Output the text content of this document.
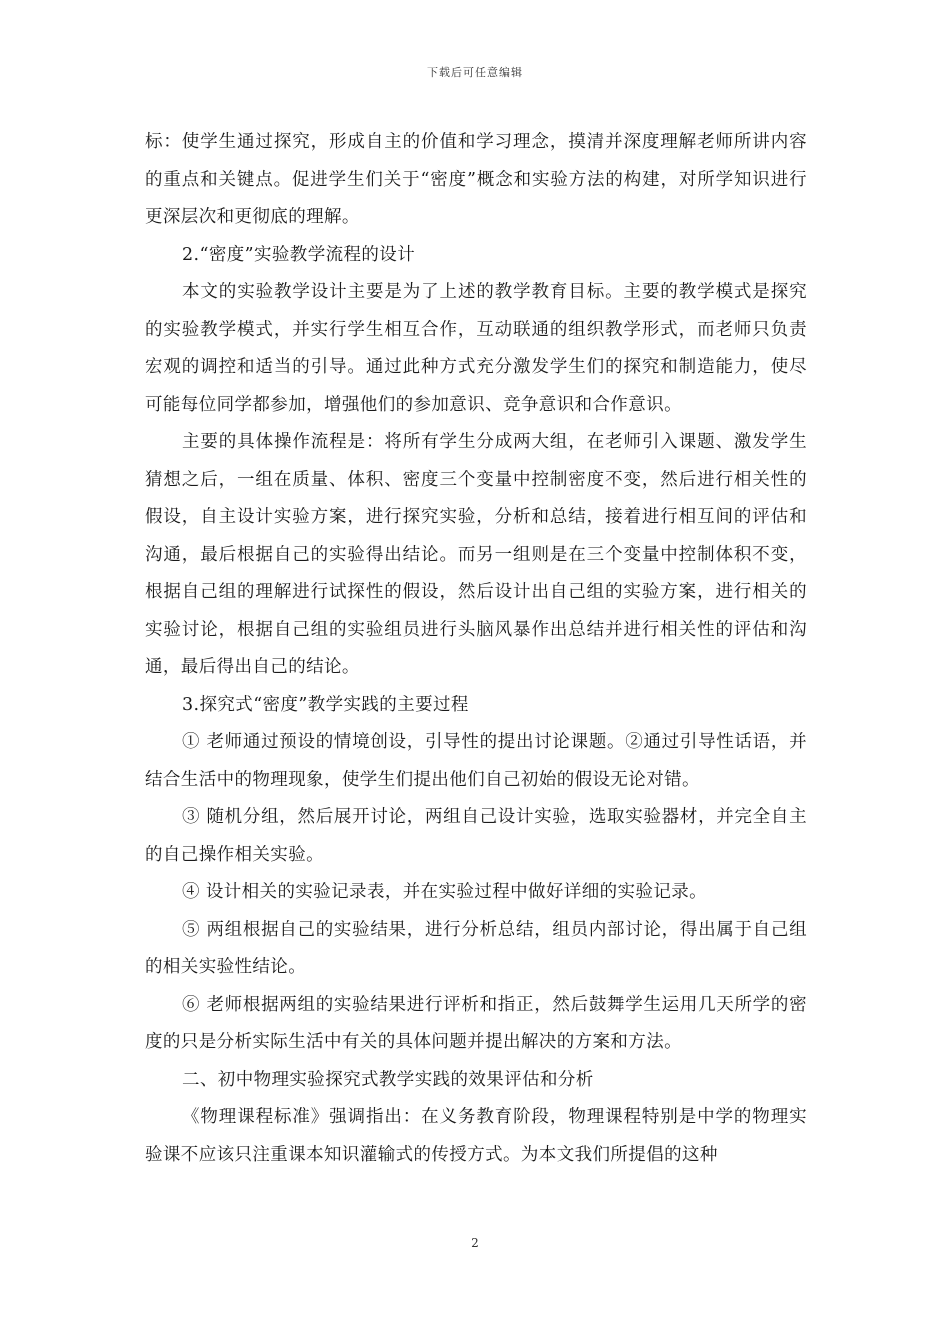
下载后可任意编辑

标：使学生通过探究，形成自主的价值和学习理念，摸清并深度理解老师所讲内容的重点和关键点。促进学生们关于“密度”概念和实验方法的构建，对所学知识进行更深层次和更彻底的理解。

2.“密度”实验教学流程的设计

本文的实验教学设计主要是为了上述的教学教育目标。主要的教学模式是探究的实验教学模式，并实行学生相互合作，互动联通的组织教学形式，而老师只负责宏观的调控和适当的引导。通过此种方式充分激发学生们的探究和制造能力，使尽可能每位同学都参加，增强他们的参加意识、竞争意识和合作意识。

主要的具体操作流程是：将所有学生分成两大组，在老师引入课题、激发学生猜想之后，一组在质量、体积、密度三个变量中控制密度不变，然后进行相关性的假设，自主设计实验方案，进行探究实验，分析和总结，接着进行相互间的评估和沟通，最后根据自己的实验得出结论。而另一组则是在三个变量中控制体积不变，根据自己组的理解进行试探性的假设，然后设计出自己组的实验方案，进行相关的实验讨论，根据自己组的实验组员进行头脑风暴作出总结并进行相关性的评估和沟通，最后得出自己的结论。

3.探究式“密度”教学实践的主要过程

① 老师通过预设的情境创设，引导性的提出讨论课题。②通过引导性话语，并结合生活中的物理现象，使学生们提出他们自己初始的假设无论对错。

③ 随机分组，然后展开讨论，两组自己设计实验，选取实验器材，并完全自主的自己操作相关实验。

④ 设计相关的实验记录表，并在实验过程中做好详细的实验记录。

⑤ 两组根据自己的实验结果，进行分析总结，组员内部讨论，得出属于自己组的相关实验性结论。

⑥ 老师根据两组的实验结果进行评析和指正，然后鼓舞学生运用几天所学的密度的只是分析实际生活中有关的具体问题并提出解决的方案和方法。

二、初中物理实验探究式教学实践的效果评估和分析

《物理课程标准》强调指出：在义务教育阶段，物理课程特别是中学的物理实验课不应该只注重课本知识灌输式的传授方式。为本文我们所提倡的这种

2
